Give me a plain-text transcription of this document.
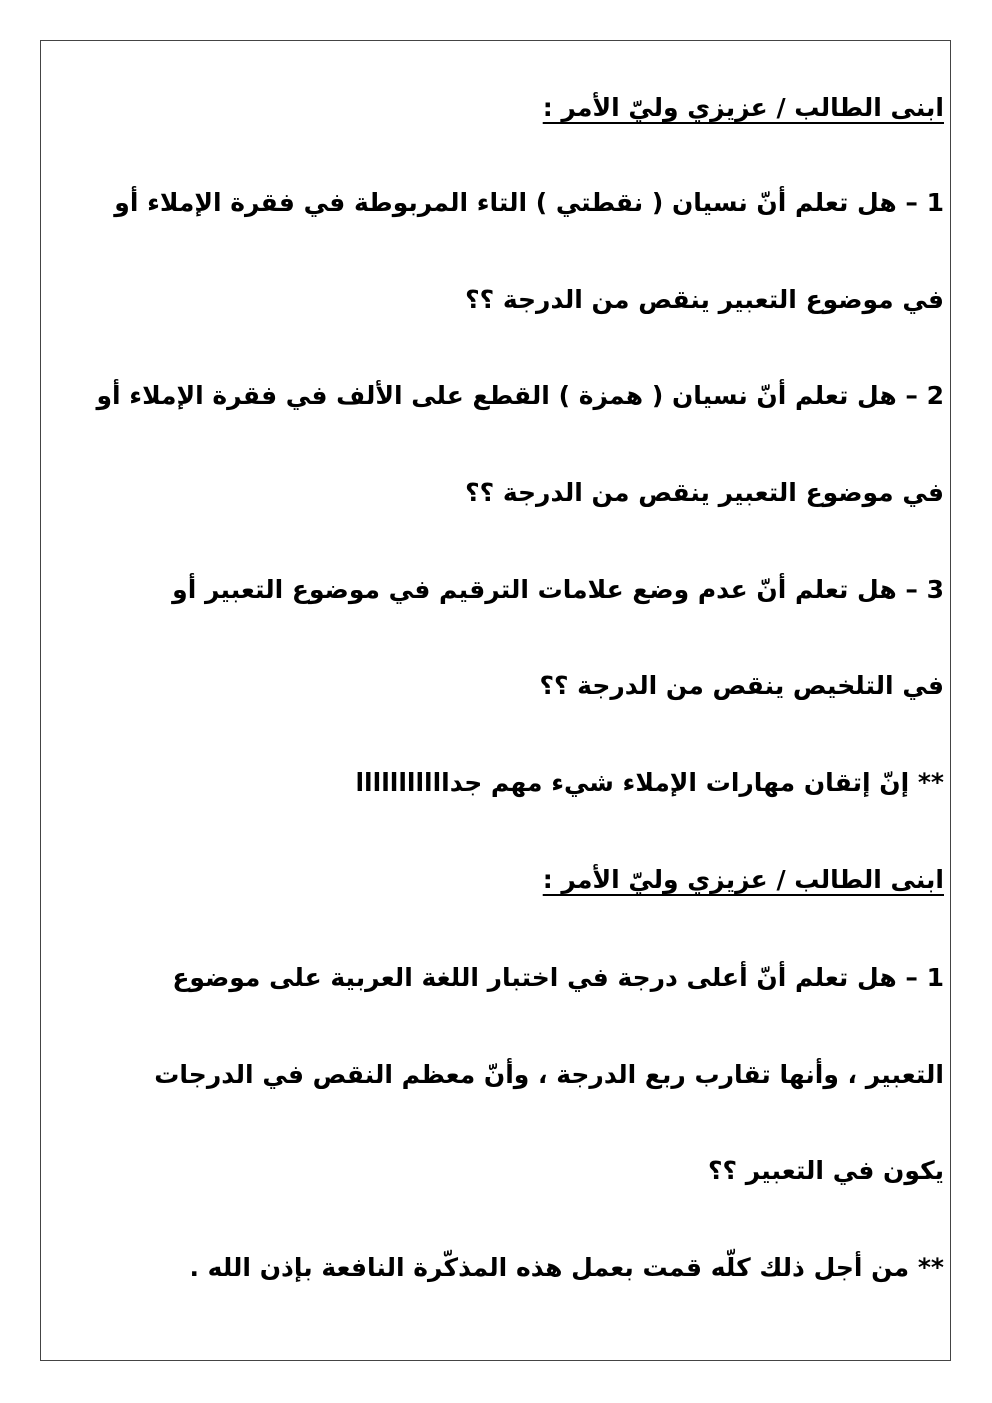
ابنى الطالب / عزيزي وليّ الأمر :
1 – هل تعلم أنّ نسيان ( نقطتي ) التاء المربوطة في فقرة الإملاء أو
في موضوع التعبير ينقص من الدرجة ؟؟
2 – هل تعلم أنّ نسيان ( همزة ) القطع على الألف في فقرة الإملاء أو
في موضوع التعبير ينقص من الدرجة ؟؟
3 – هل تعلم أنّ عدم وضع علامات الترقيم في موضوع التعبير أو
في التلخيص ينقص من الدرجة ؟؟
** إنّ إتقان مهارات الإملاء شيء مهم جدااااااااااا
ابنى الطالب / عزيزي وليّ الأمر :
1 – هل تعلم أنّ أعلى درجة في اختبار اللغة العربية على موضوع
التعبير ، وأنها تقارب ربع الدرجة ، وأنّ معظم النقص في الدرجات
يكون في التعبير ؟؟
** من أجل ذلك كلّه قمت بعمل هذه المذكّرة النافعة بإذن الله .
